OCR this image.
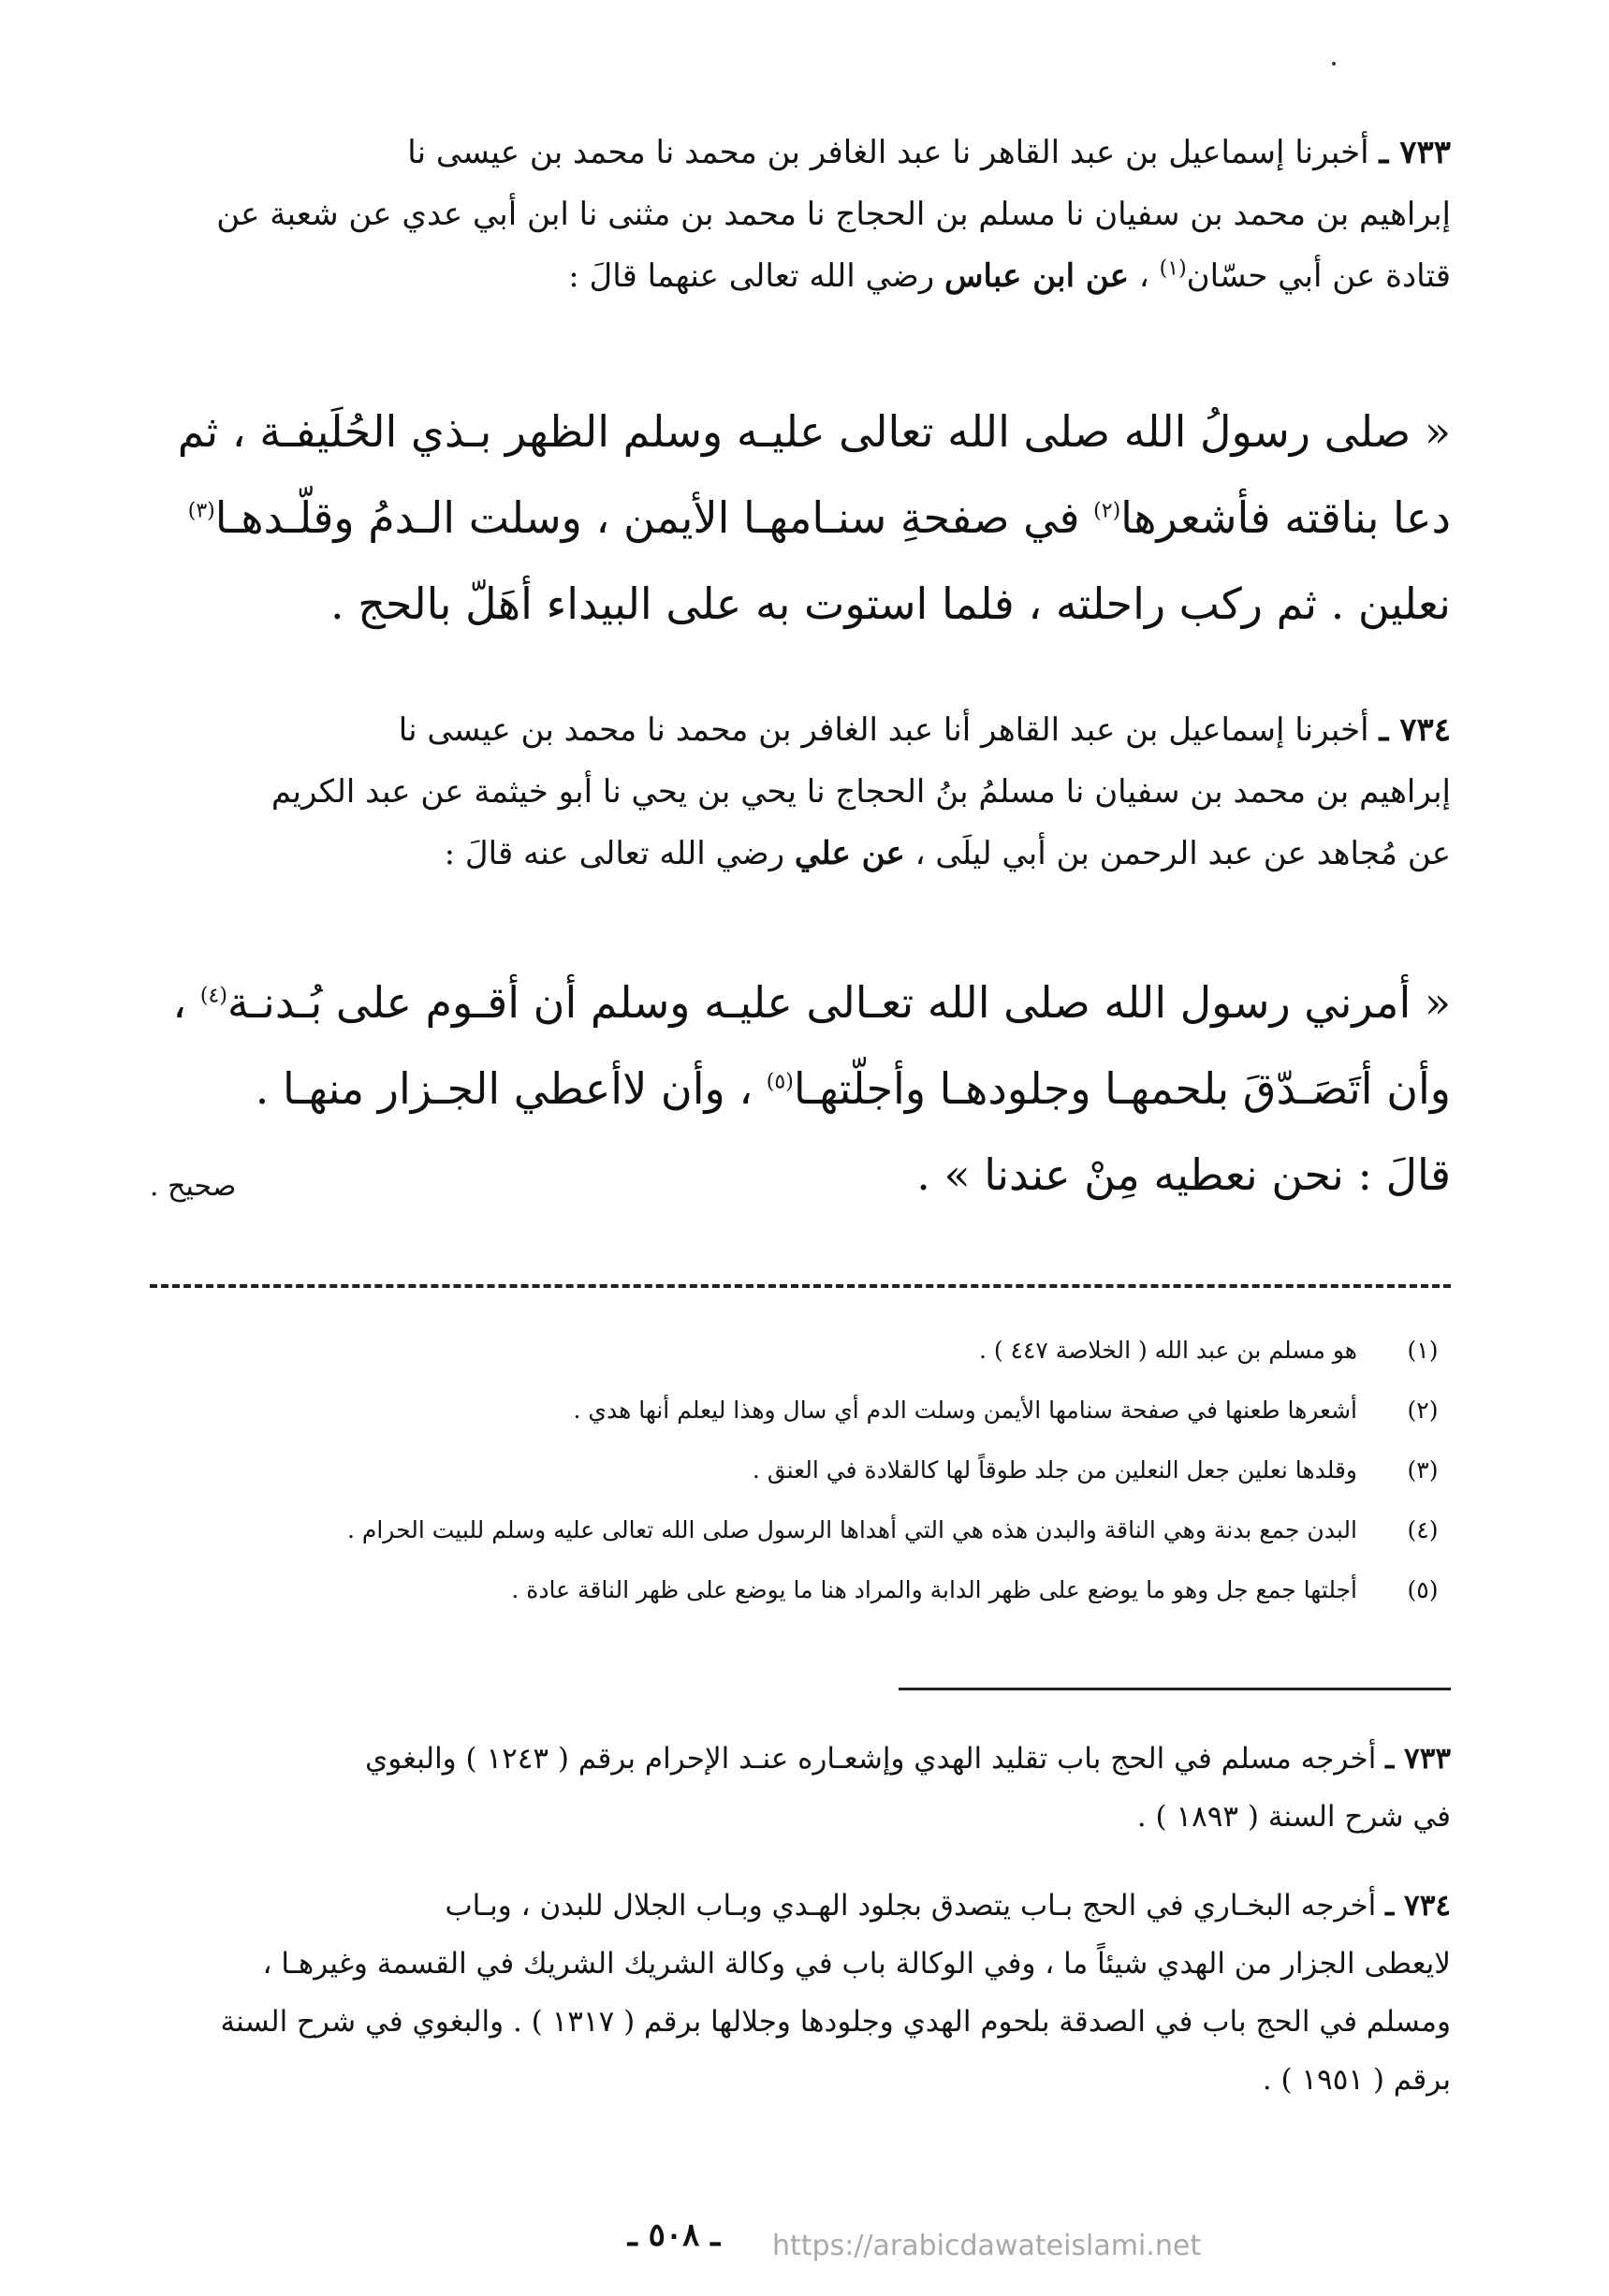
٧٣٣ ـ أخبرنا إسماعيل بن عبد القاهر نا عبد الغافر بن محمد نا محمد بن عيسى نا
إبراهيم بن محمد بن سفيان نا مسلم بن الحجاج نا محمد بن مثنى نا ابن أبي عدي عن شعبة عن
قتادة عن أبي حسّان$^{(١)}$ ، عن ابن عباس رضي الله تعالى عنهما قالَ :
« صلى رسولُ الله صلى الله تعالى عليـه وسلم الظهر بـذي الحُلَيفـة ، ثم
دعا بناقته فأشعرها$^{(٢)}$ في صفحةِ سنـامهـا الأيمن ، وسلت الـدمُ وقلّـدهـا$^{(٣)}$
نعلين . ثم ركب راحلته ، فلما استوت به على البيداء أهَلّ بالحج .
٧٣٤ ـ أخبرنا إسماعيل بن عبد القاهر أنا عبد الغافر بن محمد نا محمد بن عيسى نا
إبراهيم بن محمد بن سفيان نا مسلمُ بنُ الحجاج نا يحي بن يحي نا أبو خيثمة عن عبد الكريم
عن مُجاهد عن عبد الرحمن بن أبي ليلَى ، عن علي رضي الله تعالى عنه قالَ :
« أمرني رسول الله صلى الله تعـالى عليـه وسلم أن أقـوم على بُـدنـة$^{(٤)}$ ،
وأن أتَصَـدّقَ بلحمهـا وجلودهـا وأجلّتهـا$^{(٥)}$ ، وأن لاأعطي الجـزار منهـا .
قالَ : نحن نعطيه مِنْ عندنا » .
صحيح .
(١)
هو مسلم بن عبد الله ( الخلاصة ٤٤٧ ) .
(٢)
أشعرها طعنها في صفحة سنامها الأيمن وسلت الدم أي سال وهذا ليعلم أنها هدي .
(٣)
وقلدها نعلين جعل النعلين من جلد طوقاً لها كالقلادة في العنق .
(٤)
البدن جمع بدنة وهي الناقة والبدن هذه هي التي أهداها الرسول صلى الله تعالى عليه وسلم للبيت الحرام .
(٥)
أجلتها جمع جل وهو ما يوضع على ظهر الدابة والمراد هنا ما يوضع على ظهر الناقة عادة .
٧٣٣ ـ أخرجه مسلم في الحج باب تقليد الهدي وإشعـاره عنـد الإحرام برقم ( ١٢٤٣ ) والبغوي
في شرح السنة ( ١٨٩٣ ) .
٧٣٤ ـ أخرجه البخـاري في الحج بـاب يتصدق بجلود الهـدي وبـاب الجلال للبدن ، وبـاب
لايعطى الجزار من الهدي شيئاً ما ، وفي الوكالة باب في وكالة الشريك الشريك في القسمة وغيرهـا ،
ومسلم في الحج باب في الصدقة بلحوم الهدي وجلودها وجلالها برقم ( ١٣١٧ ) . والبغوي في شرح السنة
برقم ( ١٩٥١ ) .
ـ ٥٠٨ ـ	https://arabicdawateislami.net
